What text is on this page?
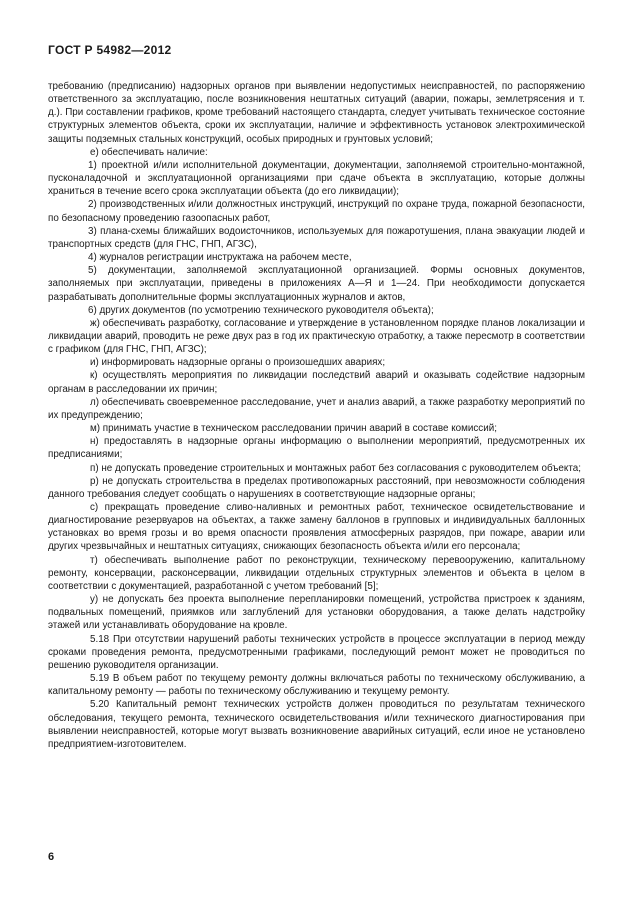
ГОСТ Р 54982—2012

требованию (предписанию) надзорных органов при выявлении недопустимых неисправностей, по распоряжению ответственного за эксплуатацию, после возникновения нештатных ситуаций (аварии, пожары, землетрясения и т. д.). При составлении графиков, кроме требований настоящего стандарта, следует учитывать техническое состояние структурных элементов объекта, сроки их эксплуатации, наличие и эффективность установок электрохимической защиты подземных стальных конструкций, особых природных и грунтовых условий;

е) обеспечивать наличие:

1) проектной и/или исполнительной документации, документации, заполняемой строительно-монтажной, пусконаладочной и эксплуатационной организациями при сдаче объекта в эксплуатацию, которые должны храниться в течение всего срока эксплуатации объекта (до его ликвидации);

2) производственных и/или должностных инструкций, инструкций по охране труда, пожарной безопасности, по безопасному проведению газоопасных работ,

3) плана-схемы ближайших водоисточников, используемых для пожаротушения, плана эвакуации людей и транспортных средств (для ГНС, ГНП, АГЗС),

4) журналов регистрации инструктажа на рабочем месте,

5) документации, заполняемой эксплуатационной организацией. Формы основных документов, заполняемых при эксплуатации, приведены в приложениях А—Я и 1—24. При необходимости допускается разрабатывать дополнительные формы эксплуатационных журналов и актов,

6) других документов (по усмотрению технического руководителя объекта);

ж) обеспечивать разработку, согласование и утверждение в установленном порядке планов локализации и ликвидации аварий, проводить не реже двух раз в год их практическую отработку, а также пересмотр в соответствии с графиком (для ГНС, ГНП, АГЗС);

и) информировать надзорные органы о произошедших авариях;

к) осуществлять мероприятия по ликвидации последствий аварий и оказывать содействие надзорным органам в расследовании их причин;

л) обеспечивать своевременное расследование, учет и анализ аварий, а также разработку мероприятий по их предупреждению;

м) принимать участие в техническом расследовании причин аварий в составе комиссий;

н) предоставлять в надзорные органы информацию о выполнении мероприятий, предусмотренных их предписаниями;

п) не допускать проведение строительных и монтажных работ без согласования с руководителем объекта;

р) не допускать строительства в пределах противопожарных расстояний, при невозможности соблюдения данного требования следует сообщать о нарушениях в соответствующие надзорные органы;

с) прекращать проведение сливо-наливных и ремонтных работ, техническое освидетельствование и диагностирование резервуаров на объектах, а также замену баллонов в групповых и индивидуальных баллонных установках во время грозы и во время опасности проявления атмосферных разрядов, при пожаре, аварии или других чрезвычайных и нештатных ситуациях, снижающих безопасность объекта и/или его персонала;

т) обеспечивать выполнение работ по реконструкции, техническому перевооружению, капитальному ремонту, консервации, расконсервации, ликвидации отдельных структурных элементов и объекта в целом в соответствии с документацией, разработанной с учетом требований [5];

у) не допускать без проекта выполнение перепланировки помещений, устройства пристроек к зданиям, подвальных помещений, приямков или заглублений для установки оборудования, а также делать надстройку этажей или устанавливать оборудование на кровле.

5.18 При отсутствии нарушений работы технических устройств в процессе эксплуатации в период между сроками проведения ремонта, предусмотренными графиками, последующий ремонт может не проводиться по решению руководителя организации.

5.19 В объем работ по текущему ремонту должны включаться работы по техническому обслуживанию, а капитальному ремонту — работы по техническому обслуживанию и текущему ремонту.

5.20 Капитальный ремонт технических устройств должен проводиться по результатам технического обследования, текущего ремонта, технического освидетельствования и/или технического диагностирования при выявлении неисправностей, которые могут вызвать возникновение аварийных ситуаций, если иное не установлено предприятием-изготовителем.

6
